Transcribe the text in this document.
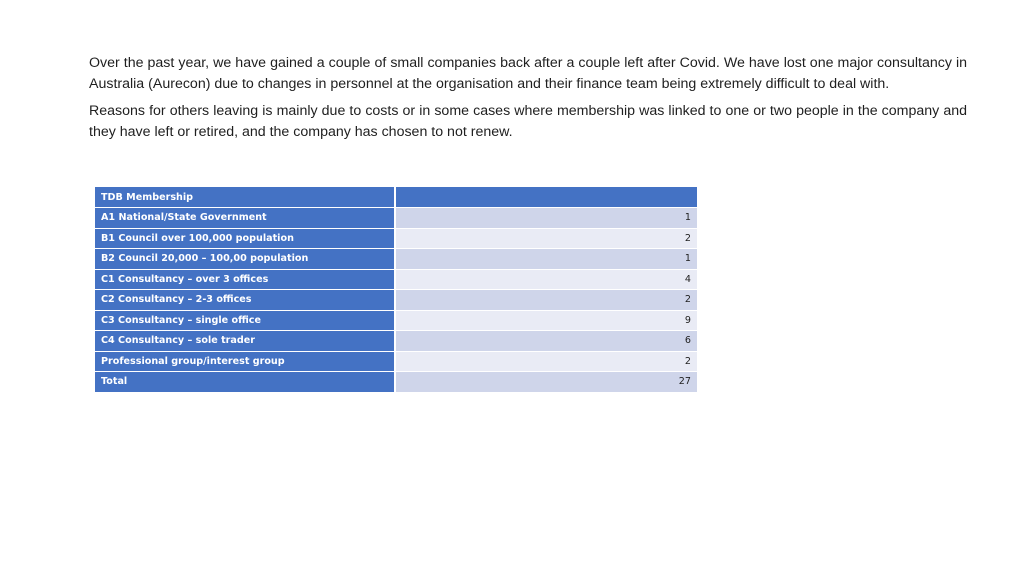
Over the past year, we have gained a couple of small companies back after a couple left after Covid. We have lost one major consultancy in Australia (Aurecon) due to changes in personnel at the organisation and their finance team being extremely difficult to deal with.

Reasons for others leaving is mainly due to costs or in some cases where membership was linked to one or two people in the company and they have left or retired, and the company has chosen to not renew.

TDB Membership	
A1 National/State Government	1
B1 Council over 100,000 population	2
B2 Council 20,000 – 100,00 population	1
C1 Consultancy – over 3 offices	4
C2 Consultancy – 2-3 offices	2
C3 Consultancy – single office	9
C4 Consultancy – sole trader	6
Professional group/interest group	2
Total	27
